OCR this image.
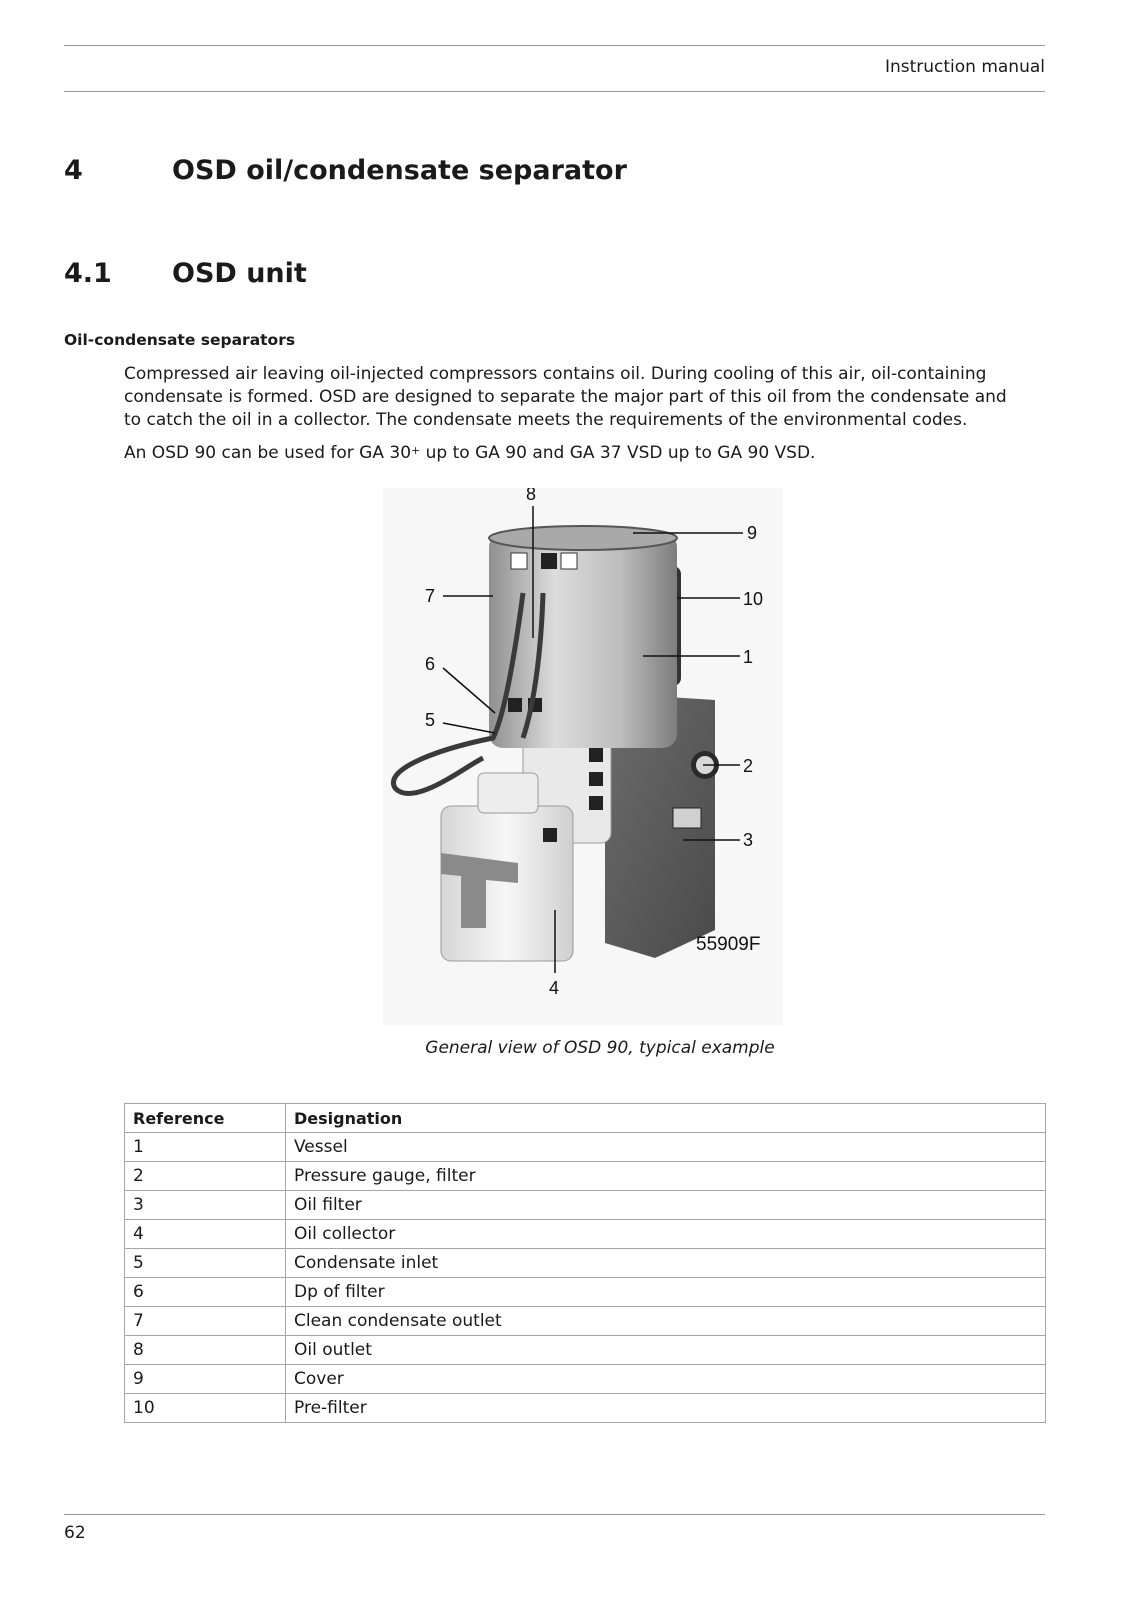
Instruction manual
4	OSD oil/condensate separator
4.1 OSD unit
Oil-condensate separators
Compressed air leaving oil-injected compressors contains oil. During cooling of this air, oil-containing
condensate is formed. OSD are designed to separate the major part of this oil from the condensate and
to catch the oil in a collector. The condensate meets the requirements of the environmental codes.
An OSD 90 can be used for GA 30+ up to GA 90 and GA 37 VSD up to GA 90 VSD.
55909F
8
9
7	10
1
6
5
2
3
4
General view of OSD 90, typical example
Reference	Designation
1	Vessel
2	Pressure gauge, filter
3	Oil filter
4	Oil collector
5	Condensate inlet
6	Dp of filter
7	Clean condensate outlet
8	Oil outlet
9	Cover
10	Pre-filter
62
